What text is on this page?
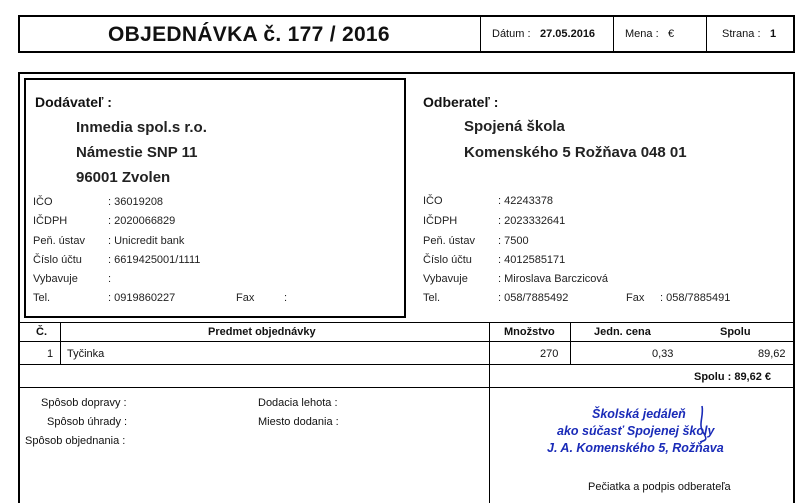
OBJEDNÁVKA č. 177 / 2016	Dátum : 27.05.2016	Mena : €	Strana : 1
Dodávateľ :
Inmedia spol.s r.o.
Námestie SNP 11
96001 Zvolen
IČO	: 36019208
IČDPH	: 2020066829
Peň. ústav : Unicredit bank
Číslo účtu : 6619425001/1111
Vybavuje	:
Tel.	: 0919860227	Fax	:
Odberateľ :
Spojená škola
Komenského 5 Rožňava 048 01
IČO	: 42243378
IČDPH	: 2023332641
Peň. ústav : 7500
Číslo účtu : 4012585171
Vybavuje	: Miroslava Barczicová
Tel.	: 058/7885492	Fax : 058/7885491
Č.	Predmet objednávky	Množstvo	Jedn. cena	Spolu
1 Tyčinka	270	0,33	89,62
Spolu : 89,62 €
Spôsob dopravy :
Spôsob úhrady :
Spôsob objednania :
Dodacia lehota :
Miesto dodania :
Školská jedáleň
ako súčasť Spojenej školy
J. A. Komenského 5, Rožňava
Pečiatka a podpis odberateľa
